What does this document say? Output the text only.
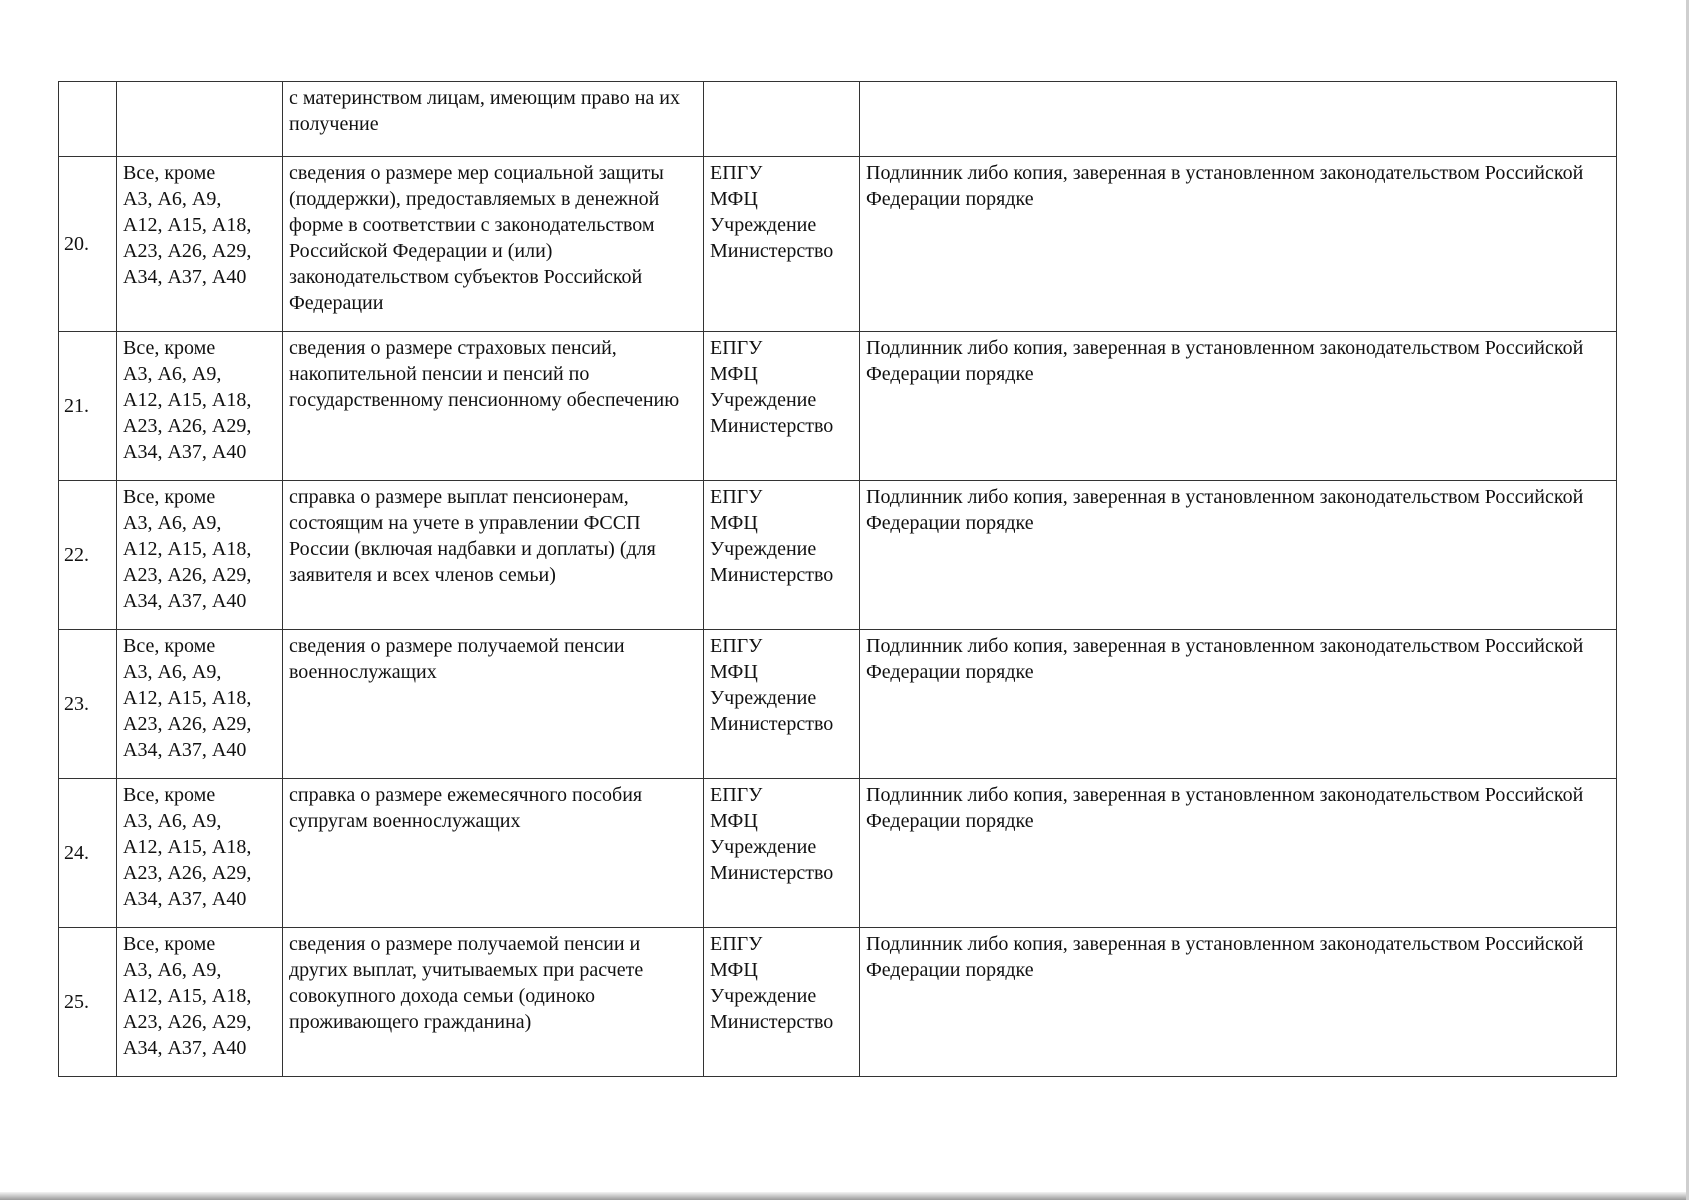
		с материнством лицам, имеющим право на их получение		
20.	Все, кроме
А3, А6, А9,
А12, А15, А18,
А23, А26, А29,
А34, А37, А40	сведения о размере мер социальной защиты (поддержки), предоставляемых в денежной форме в соответствии с законодательством Российской Федерации и (или) законодательством субъектов Российской Федерации	ЕПГУ
МФЦ
Учреждение
Министерство	Подлинник либо копия, заверенная в установленном законодательством Российской Федерации порядке
21.	Все, кроме
А3, А6, А9,
А12, А15, А18,
А23, А26, А29,
А34, А37, А40	сведения о размере страховых пенсий, накопительной пенсии и пенсий по государственному пенсионному обеспечению	ЕПГУ
МФЦ
Учреждение
Министерство	Подлинник либо копия, заверенная в установленном законодательством Российской Федерации порядке
22.	Все, кроме
А3, А6, А9,
А12, А15, А18,
А23, А26, А29,
А34, А37, А40	справка о размере выплат пенсионерам, состоящим на учете в управлении ФССП России (включая надбавки и доплаты) (для заявителя и всех членов семьи)	ЕПГУ
МФЦ
Учреждение
Министерство	Подлинник либо копия, заверенная в установленном законодательством Российской Федерации порядке
23.	Все, кроме
А3, А6, А9,
А12, А15, А18,
А23, А26, А29,
А34, А37, А40	сведения о размере получаемой пенсии военнослужащих	ЕПГУ
МФЦ
Учреждение
Министерство	Подлинник либо копия, заверенная в установленном законодательством Российской Федерации порядке
24.	Все, кроме
А3, А6, А9,
А12, А15, А18,
А23, А26, А29,
А34, А37, А40	справка о размере ежемесячного пособия супругам военнослужащих	ЕПГУ
МФЦ
Учреждение
Министерство	Подлинник либо копия, заверенная в установленном законодательством Российской Федерации порядке
25.	Все, кроме
А3, А6, А9,
А12, А15, А18,
А23, А26, А29,
А34, А37, А40	сведения о размере получаемой пенсии и других выплат, учитываемых при расчете совокупного дохода семьи (одиноко проживающего гражданина)	ЕПГУ
МФЦ
Учреждение
Министерство	Подлинник либо копия, заверенная в установленном законодательством Российской Федерации порядке
